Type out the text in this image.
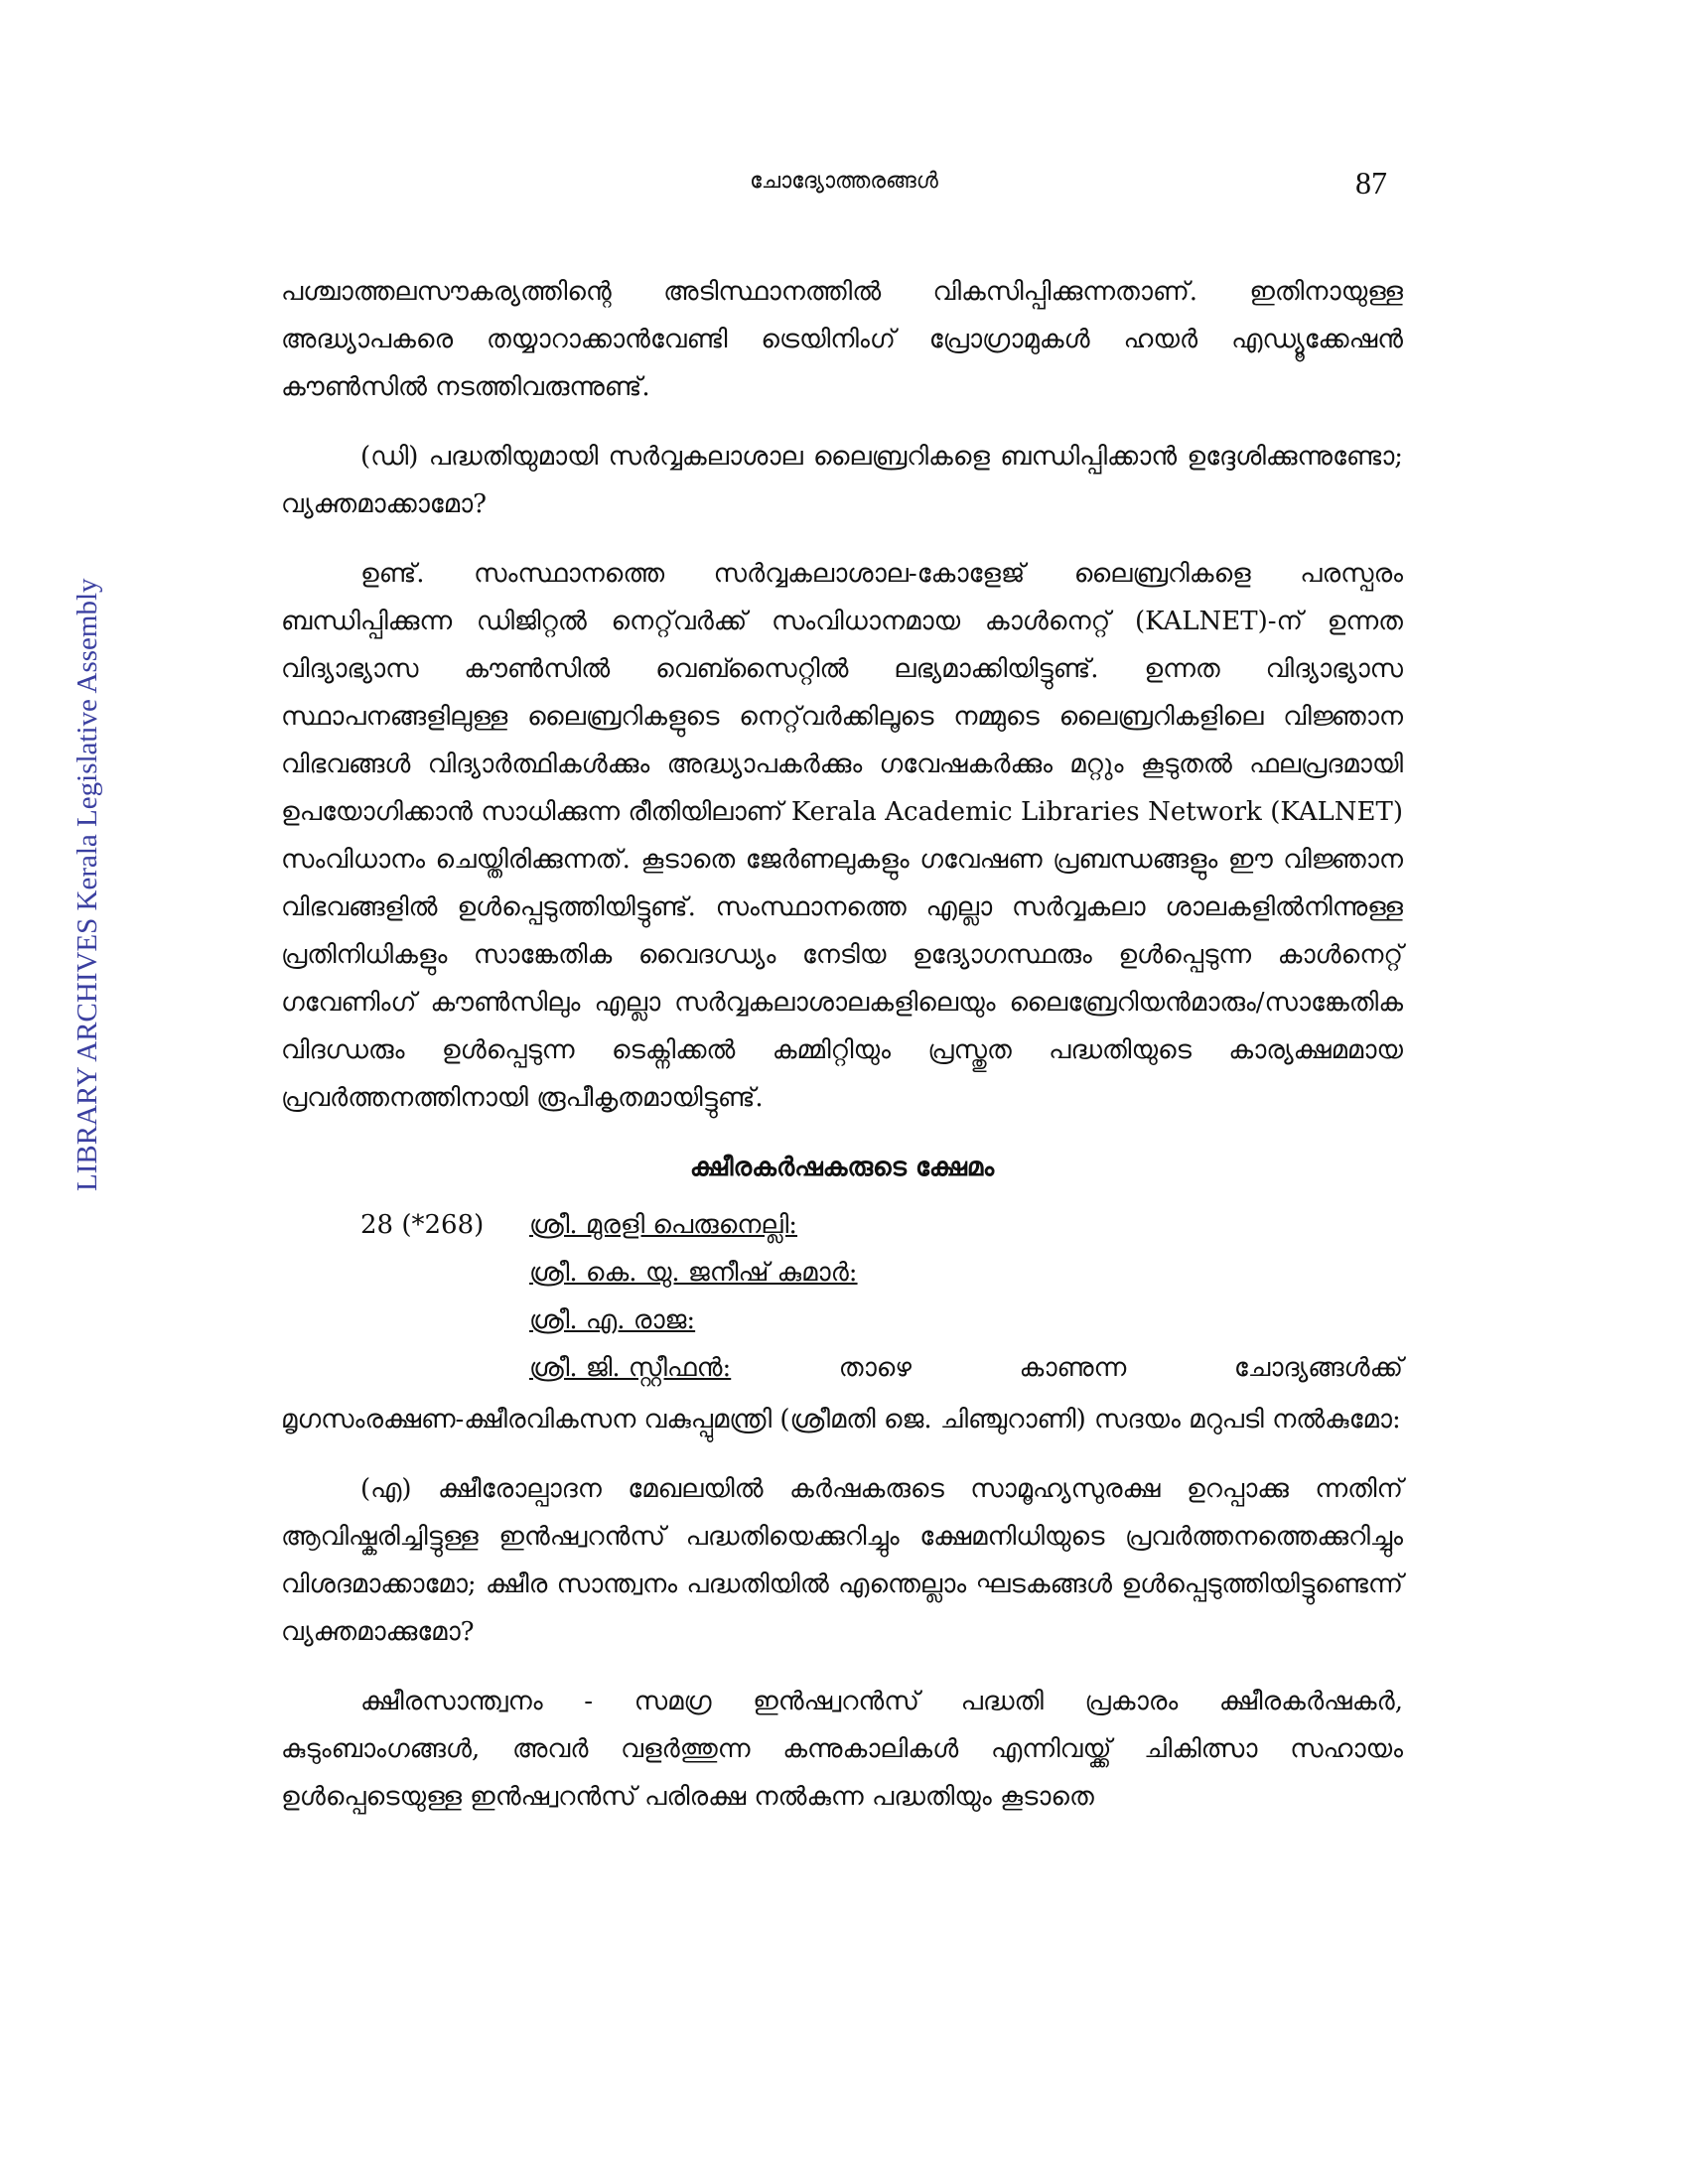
LIBRARY ARCHIVES Kerala Legislative Assembly
ചോദ്യോത്തരങ്ങൾ	87

പശ്ചാത്തലസൗകര്യത്തിന്റെ അടിസ്ഥാനത്തിൽ വികസിപ്പിക്കുന്നതാണ്. ഇതിനായുള്ള അദ്ധ്യാപകരെ തയ്യാറാക്കാൻവേണ്ടി ട്രെയിനിംഗ് പ്രോഗ്രാമുകൾ ഹയർ എഡ്യൂക്കേഷൻ കൗൺസിൽ നടത്തിവരുന്നുണ്ട്.

(ഡി) പദ്ധതിയുമായി സർവ്വകലാശാല ലൈബ്രറികളെ ബന്ധിപ്പിക്കാൻ ഉദ്ദേശിക്കുന്നുണ്ടോ; വ്യക്തമാക്കാമോ?

ഉണ്ട്. സംസ്ഥാനത്തെ സർവ്വകലാശാല-കോളേജ് ലൈബ്രറികളെ പരസ്പരം ബന്ധിപ്പിക്കുന്ന ഡിജിറ്റൽ നെറ്റ്‌വർക്ക് സംവിധാനമായ കാൾനെറ്റ് (KALNET)-ന് ഉന്നത വിദ്യാഭ്യാസ കൗൺസിൽ വെബ്സൈറ്റിൽ ലഭ്യമാക്കിയിട്ടുണ്ട്. ഉന്നത വിദ്യാഭ്യാസ സ്ഥാപനങ്ങളിലുള്ള ലൈബ്രറികളുടെ നെറ്റ്‌വർക്കിലൂടെ നമ്മുടെ ലൈബ്രറികളിലെ വിജ്ഞാന വിഭവങ്ങൾ വിദ്യാർത്ഥികൾക്കും അദ്ധ്യാപകർക്കും ഗവേഷകർക്കും മറ്റും കൂടുതൽ ഫലപ്രദമായി ഉപയോഗിക്കാൻ സാധിക്കുന്ന രീതിയിലാണ് Kerala Academic Libraries Network (KALNET) സംവിധാനം ചെയ്തിരിക്കുന്നത്. കൂടാതെ ജേർണലുകളും ഗവേഷണ പ്രബന്ധങ്ങളും ഈ വിജ്ഞാന വിഭവങ്ങളിൽ ഉൾപ്പെടുത്തിയിട്ടുണ്ട്. സംസ്ഥാനത്തെ എല്ലാ സർവ്വകലാ ശാലകളിൽനിന്നുള്ള പ്രതിനിധികളും സാങ്കേതിക വൈദഗ്ധ്യം നേടിയ ഉദ്യോഗസ്ഥരും ഉൾപ്പെടുന്ന കാൾനെറ്റ് ഗവേണിംഗ് കൗൺസിലും എല്ലാ സർവ്വകലാശാലകളിലെയും ലൈബ്രേറിയൻമാരും/സാങ്കേതിക വിദഗ്ധരും ഉൾപ്പെടുന്ന ടെക്നിക്കൽ കമ്മിറ്റിയും പ്രസ്തുത പദ്ധതിയുടെ കാര്യക്ഷമമായ പ്രവർത്തനത്തിനായി രൂപീകൃതമായിട്ടുണ്ട്.

ക്ഷീരകർഷകരുടെ ക്ഷേമം
28 (*268)	ശ്രീ. മുരളി പെരുനെല്ലി:
ശ്രീ. കെ. യു. ജനീഷ് കുമാർ:
ശ്രീ. എ. രാജ:
ശ്രീ. ജി. സ്റ്റീഫൻ:	താഴെ	കാണുന്ന	ചോദ്യങ്ങൾക്ക്

മൃഗസംരക്ഷണ-ക്ഷീരവികസന വകുപ്പുമന്ത്രി (ശ്രീമതി ജെ. ചിഞ്ചുറാണി) സദയം മറുപടി നൽകുമോ:

(എ) ക്ഷീരോല്പാദന മേഖലയിൽ കർഷകരുടെ സാമൂഹ്യസുരക്ഷ ഉറപ്പാക്കു ന്നതിന് ആവിഷ്കരിച്ചിട്ടുള്ള ഇൻഷ്വറൻസ് പദ്ധതിയെക്കുറിച്ചും ക്ഷേമനിധിയുടെ പ്രവർത്തനത്തെക്കുറിച്ചും വിശദമാക്കാമോ; ക്ഷീര സാന്ത്വനം പദ്ധതിയിൽ എന്തെല്ലാം ഘടകങ്ങൾ ഉൾപ്പെടുത്തിയിട്ടുണ്ടെന്ന് വ്യക്തമാക്കുമോ?

ക്ഷീരസാന്ത്വനം - സമഗ്ര ഇൻഷ്വറൻസ് പദ്ധതി പ്രകാരം ക്ഷീരകർഷകർ, കുടുംബാംഗങ്ങൾ, അവർ വളർത്തുന്ന കന്നുകാലികൾ എന്നിവയ്ക്ക് ചികിത്സാ സഹായം ഉൾപ്പെടെയുള്ള ഇൻഷ്വറൻസ് പരിരക്ഷ നൽകുന്ന പദ്ധതിയും കൂടാതെ
